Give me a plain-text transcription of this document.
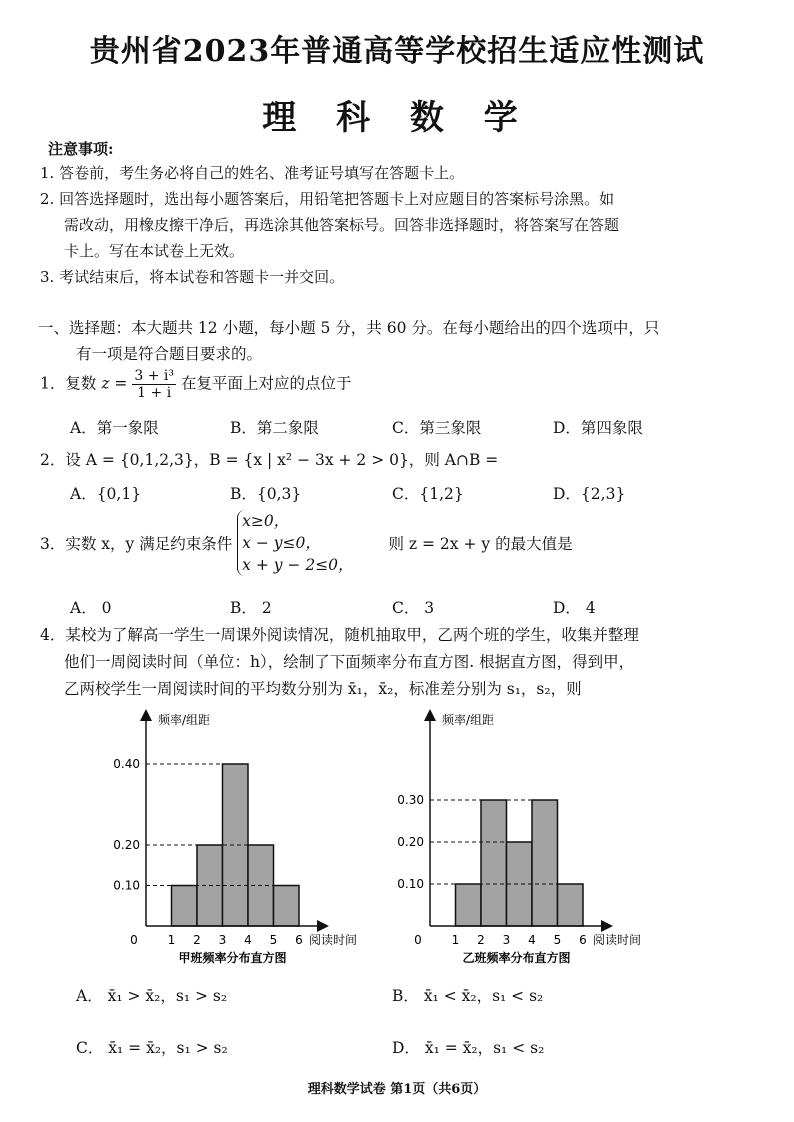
贵州省2023年普通高等学校招生适应性测试
理 科 数 学
注意事项:
1. 答卷前，考生务必将自己的姓名、准考证号填写在答题卡上。
2. 回答选择题时，选出每小题答案后，用铅笔把答题卡上对应题目的答案标号涂黑。如
需改动，用橡皮擦干净后，再选涂其他答案标号。回答非选择题时，将答案写在答题
卡上。写在本试卷上无效。
3. 考试结束后，将本试卷和答题卡一并交回。
一、选择题：本大题共 12 小题，每小题 5 分，共 60 分。在每小题给出的四个选项中，只
有一项是符合题目要求的。
1．复数 $z = \frac{\text{3 + i³}}{1 + i}$ 在复平面上对应的点位于
A．第一象限	B．第二象限	C．第三象限	D．第四象限
2．设 A = {0,1,2,3}，B = {x | x² − 3x + 2 > 0}，则 A∩B =
A．{0,1}	B．{0,3}	C．{1,2}	D．{2,3}
3．实数 x，y 满足约束条件
x≥0，
x − y≤0，
x + y − 2≤0，
则 z = 2x + y 的最大值是
A． 0	B． 2	C． 3	D． 4
4．某校为了解高一学生一周课外阅读情况，随机抽取甲，乙两个班的学生，收集并整理
他们一周阅读时间（单位：h），绘制了下面频率分布直方图. 根据直方图，得到甲，
乙两校学生一周阅读时间的平均数分别为 x̄₁，x̄₂，标准差分别为 s₁，s₂，则
0.10
0.20
0.40
0 1 2 3 4 5 6 阅读时间
频率/组距
甲班频率分布直方图
0.10
0.20
0.30
0 1 2 3 4 5 6 阅读时间
频率/组距
乙班频率分布直方图
A． x̄₁ > x̄₂，s₁ > s₂	B． x̄₁ < x̄₂，s₁ < s₂
C． x̄₁ = x̄₂，s₁ > s₂	D． x̄₁ = x̄₂，s₁ < s₂
理科数学试卷 第1页（共6页）
